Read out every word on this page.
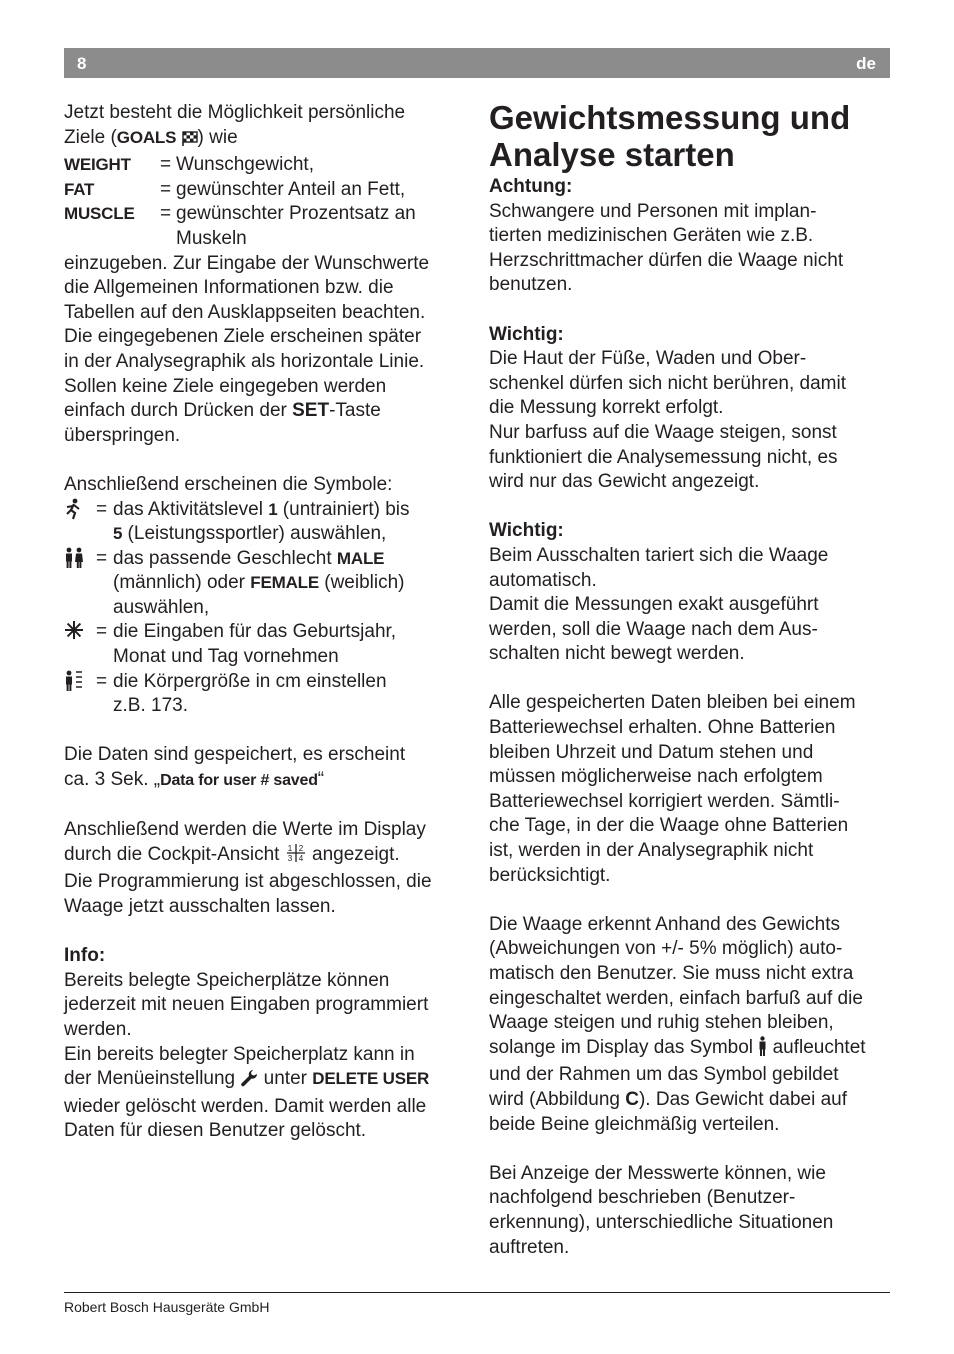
8	de
Jetzt besteht die Möglichkeit persönliche
Ziele (GOALS ) wie
WEIGHT	= Wunschgewicht,
FAT	= gewünschter Anteil an Fett,
MUSCLE	= gewünschter Prozentsatz an Muskeln
einzugeben. Zur Eingabe der Wunschwerte
die Allgemeinen Informationen bzw. die
Tabellen auf den Ausklappseiten beachten.
Die eingegebenen Ziele erscheinen später
in der Analysegraphik als horizontale Linie.
Sollen keine Ziele eingegeben werden
einfach durch Drücken der SET-Taste
überspringen.
Anschließend erscheinen die Symbole:
= das Aktivitätslevel 1 (untrainiert) bis
5 (Leistungssportler) auswählen,
= das passende Geschlecht MALE
(männlich) oder FEMALE (weiblich)
auswählen,
= die Eingaben für das Geburtsjahr,
Monat und Tag vornehmen
= die Körpergröße in cm einstellen
z.B. 173.
Die Daten sind gespeichert, es erscheint
ca. 3 Sek. „Data for user # saved“
Anschließend werden die Werte im Display
durch die Cockpit-Ansicht 1 2
3 4 angezeigt.
Die Programmierung ist abgeschlossen, die
Waage jetzt ausschalten lassen.
Info:
Bereits belegte Speicherplätze können
jederzeit mit neuen Eingaben programmiert
werden.
Ein bereits belegter Speicherplatz kann in
der Menüeinstellung  unter DELETE USER
wieder gelöscht werden. Damit werden alle
Daten für diesen Benutzer gelöscht.
Gewichtsmessung und
Analyse starten
Achtung:
Schwangere und Personen mit implan-
tierten medizinischen Geräten wie z.B.
Herzschrittmacher dürfen die Waage nicht
benutzen.
Wichtig:
Die Haut der Füße, Waden und Ober-
schenkel dürfen sich nicht berühren, damit
die Messung korrekt erfolgt.
Nur barfuss auf die Waage steigen, sonst
funktioniert die Analysemessung nicht, es
wird nur das Gewicht angezeigt.
Wichtig:
Beim Ausschalten tariert sich die Waage
automatisch.
Damit die Messungen exakt ausgeführt
werden, soll die Waage nach dem Aus-
schalten nicht bewegt werden.
Alle gespeicherten Daten bleiben bei einem
Batteriewechsel erhalten. Ohne Batterien
bleiben Uhrzeit und Datum stehen und
müssen möglicherweise nach erfolgtem
Batteriewechsel korrigiert werden. Sämtli-
che Tage, in der die Waage ohne Batterien
ist, werden in der Analysegraphik nicht
berücksichtigt.
Die Waage erkennt Anhand des Gewichts
(Abweichungen von +/- 5% möglich) auto-
matisch den Benutzer. Sie muss nicht extra
eingeschaltet werden, einfach barfuß auf die
Waage steigen und ruhig stehen bleiben,
solange im Display das Symbol  aufleuchtet
und der Rahmen um das Symbol gebildet
wird (Abbildung C). Das Gewicht dabei auf
beide Beine gleichmäßig verteilen.
Bei Anzeige der Messwerte können, wie
nachfolgend beschrieben (Benutzer-
erkennung), unterschiedliche Situationen
auftreten.
Robert Bosch Hausgeräte GmbH
